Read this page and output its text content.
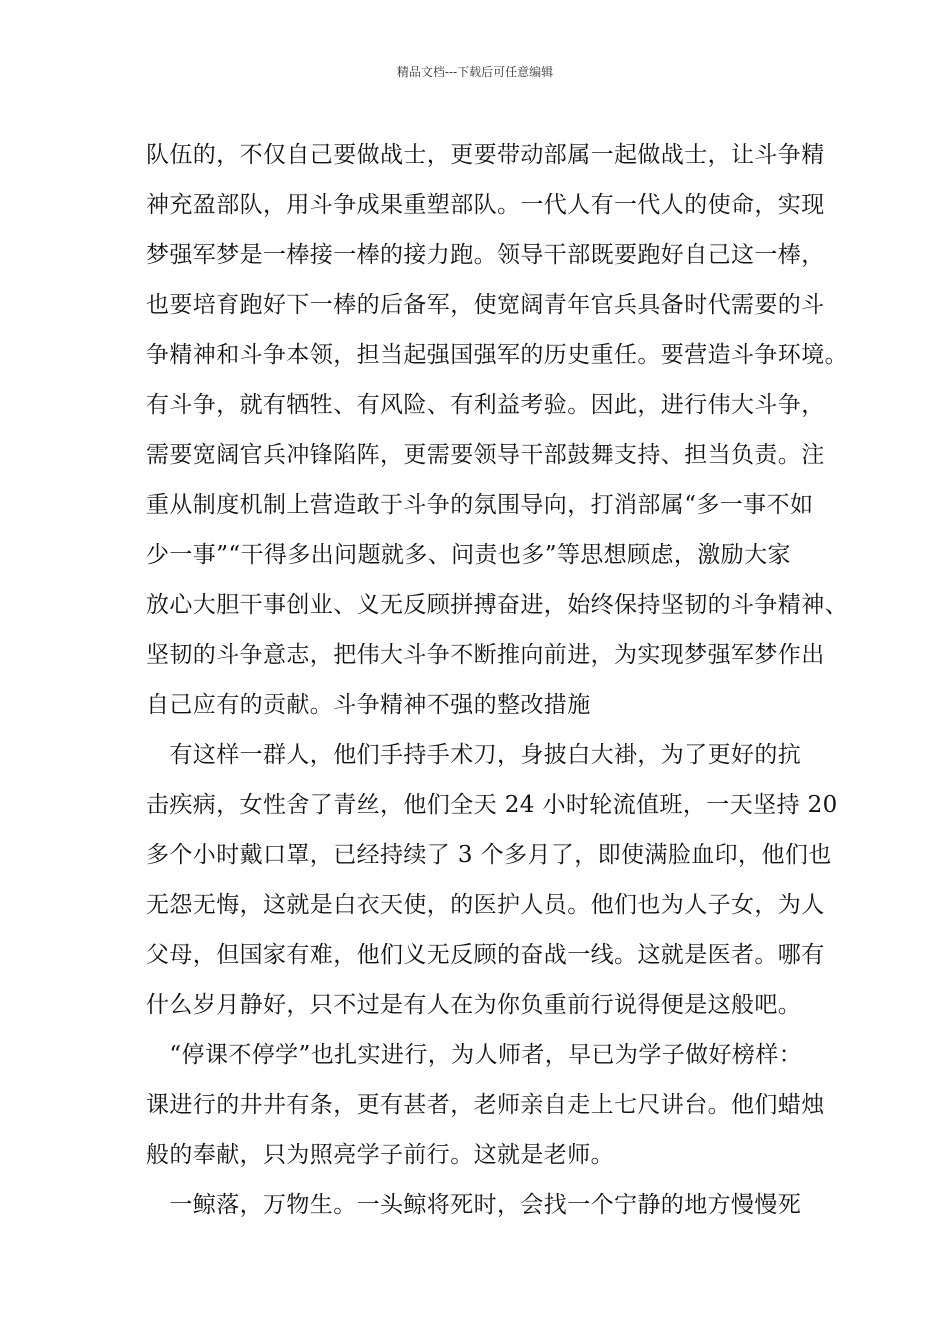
精品文档---下载后可任意编辑
队伍的，不仅自己要做战士，更要带动部属一起做战士，让斗争精
神充盈部队，用斗争成果重塑部队。一代人有一代人的使命，实现
梦强军梦是一棒接一棒的接力跑。领导干部既要跑好自己这一棒，
也要培育跑好下一棒的后备军，使宽阔青年官兵具备时代需要的斗
争精神和斗争本领，担当起强国强军的历史重任。要营造斗争环境。
有斗争，就有牺牲、有风险、有利益考验。因此，进行伟大斗争，
需要宽阔官兵冲锋陷阵，更需要领导干部鼓舞支持、担当负责。注
重从制度机制上营造敢于斗争的氛围导向，打消部属“多一事不如
少一事”“干得多出问题就多、问责也多”等思想顾虑，激励大家
放心大胆干事创业、义无反顾拼搏奋进，始终保持坚韧的斗争精神、
坚韧的斗争意志，把伟大斗争不断推向前进，为实现梦强军梦作出
自己应有的贡献。斗争精神不强的整改措施
　有这样一群人，他们手持手术刀，身披白大褂，为了更好的抗
击疾病，女性舍了青丝，他们全天 24 小时轮流值班，一天坚持 20
多个小时戴口罩，已经持续了 3 个多月了，即使满脸血印，他们也
无怨无悔，这就是白衣天使，的医护人员。他们也为人子女，为人
父母，但国家有难，他们义无反顾的奋战一线。这就是医者。哪有
什么岁月静好，只不过是有人在为你负重前行说得便是这般吧。
　“停课不停学”也扎实进行，为人师者，早已为学子做好榜样：
课进行的井井有条，更有甚者，老师亲自走上七尺讲台。他们蜡烛
般的奉献，只为照亮学子前行。这就是老师。
　一鲸落，万物生。一头鲸将死时，会找一个宁静的地方慢慢死
